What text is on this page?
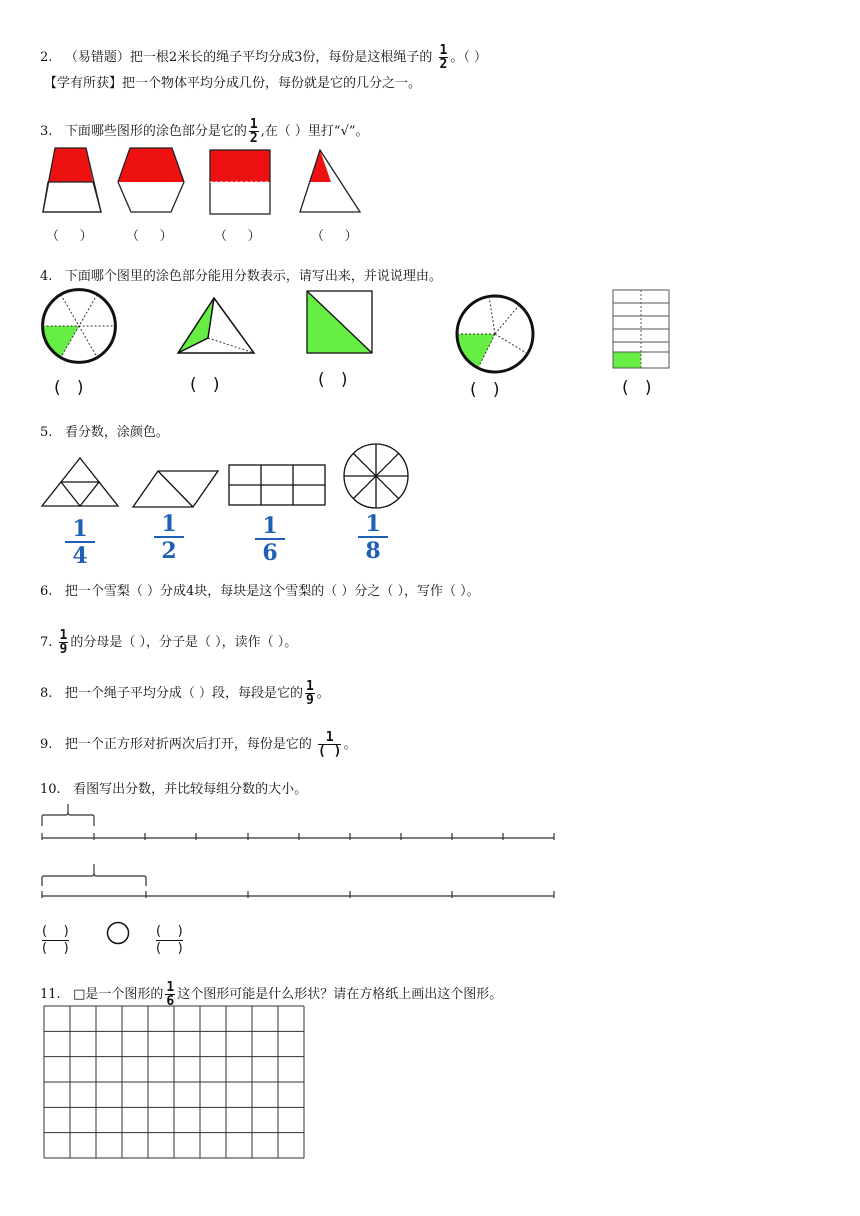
2. （易错题）把一根2米长的绳子平均分成3份，每份是这根绳子的 $\frac{1}{2}$ 。（ ）
【学有所获】把一个物体平均分成几份，每份就是它的几分之一。
3. 下面哪些图形的涂色部分是它的 $\frac{1}{2}$ ,在（ ）里打“√”。
（     ）	（     ）	（     ）	（     ）
4. 下面哪个图里的涂色部分能用分数表示，请写出来，并说说理由。
(   )	(   )	(   )	(   )	(   )
5. 看分数，涂颜色。
$\frac{1}{4}$	$\frac{1}{2}$	$\frac{1}{6}$	$\frac{1}{8}$
6. 把一个雪梨（ ）分成4块，每块是这个雪梨的（ ）分之（ ），写作（ ）。
7. $\frac{1}{9}$ 的分母是（ ），分子是（ ），读作（ ）。
8. 把一个绳子平均分成（ ）段，每段是它的 $\frac{1}{9}$ 。
9. 把一个正方形对折两次后打开，每份是它的 $\frac{1}{( )}$ 。
10. 看图写出分数，并比较每组分数的大小。
(    )
(    )
(    )
(    )
11. □是一个图形的 $\frac{1}{6}$ 这个图形可能是什么形状？请在方格纸上画出这个图形。
